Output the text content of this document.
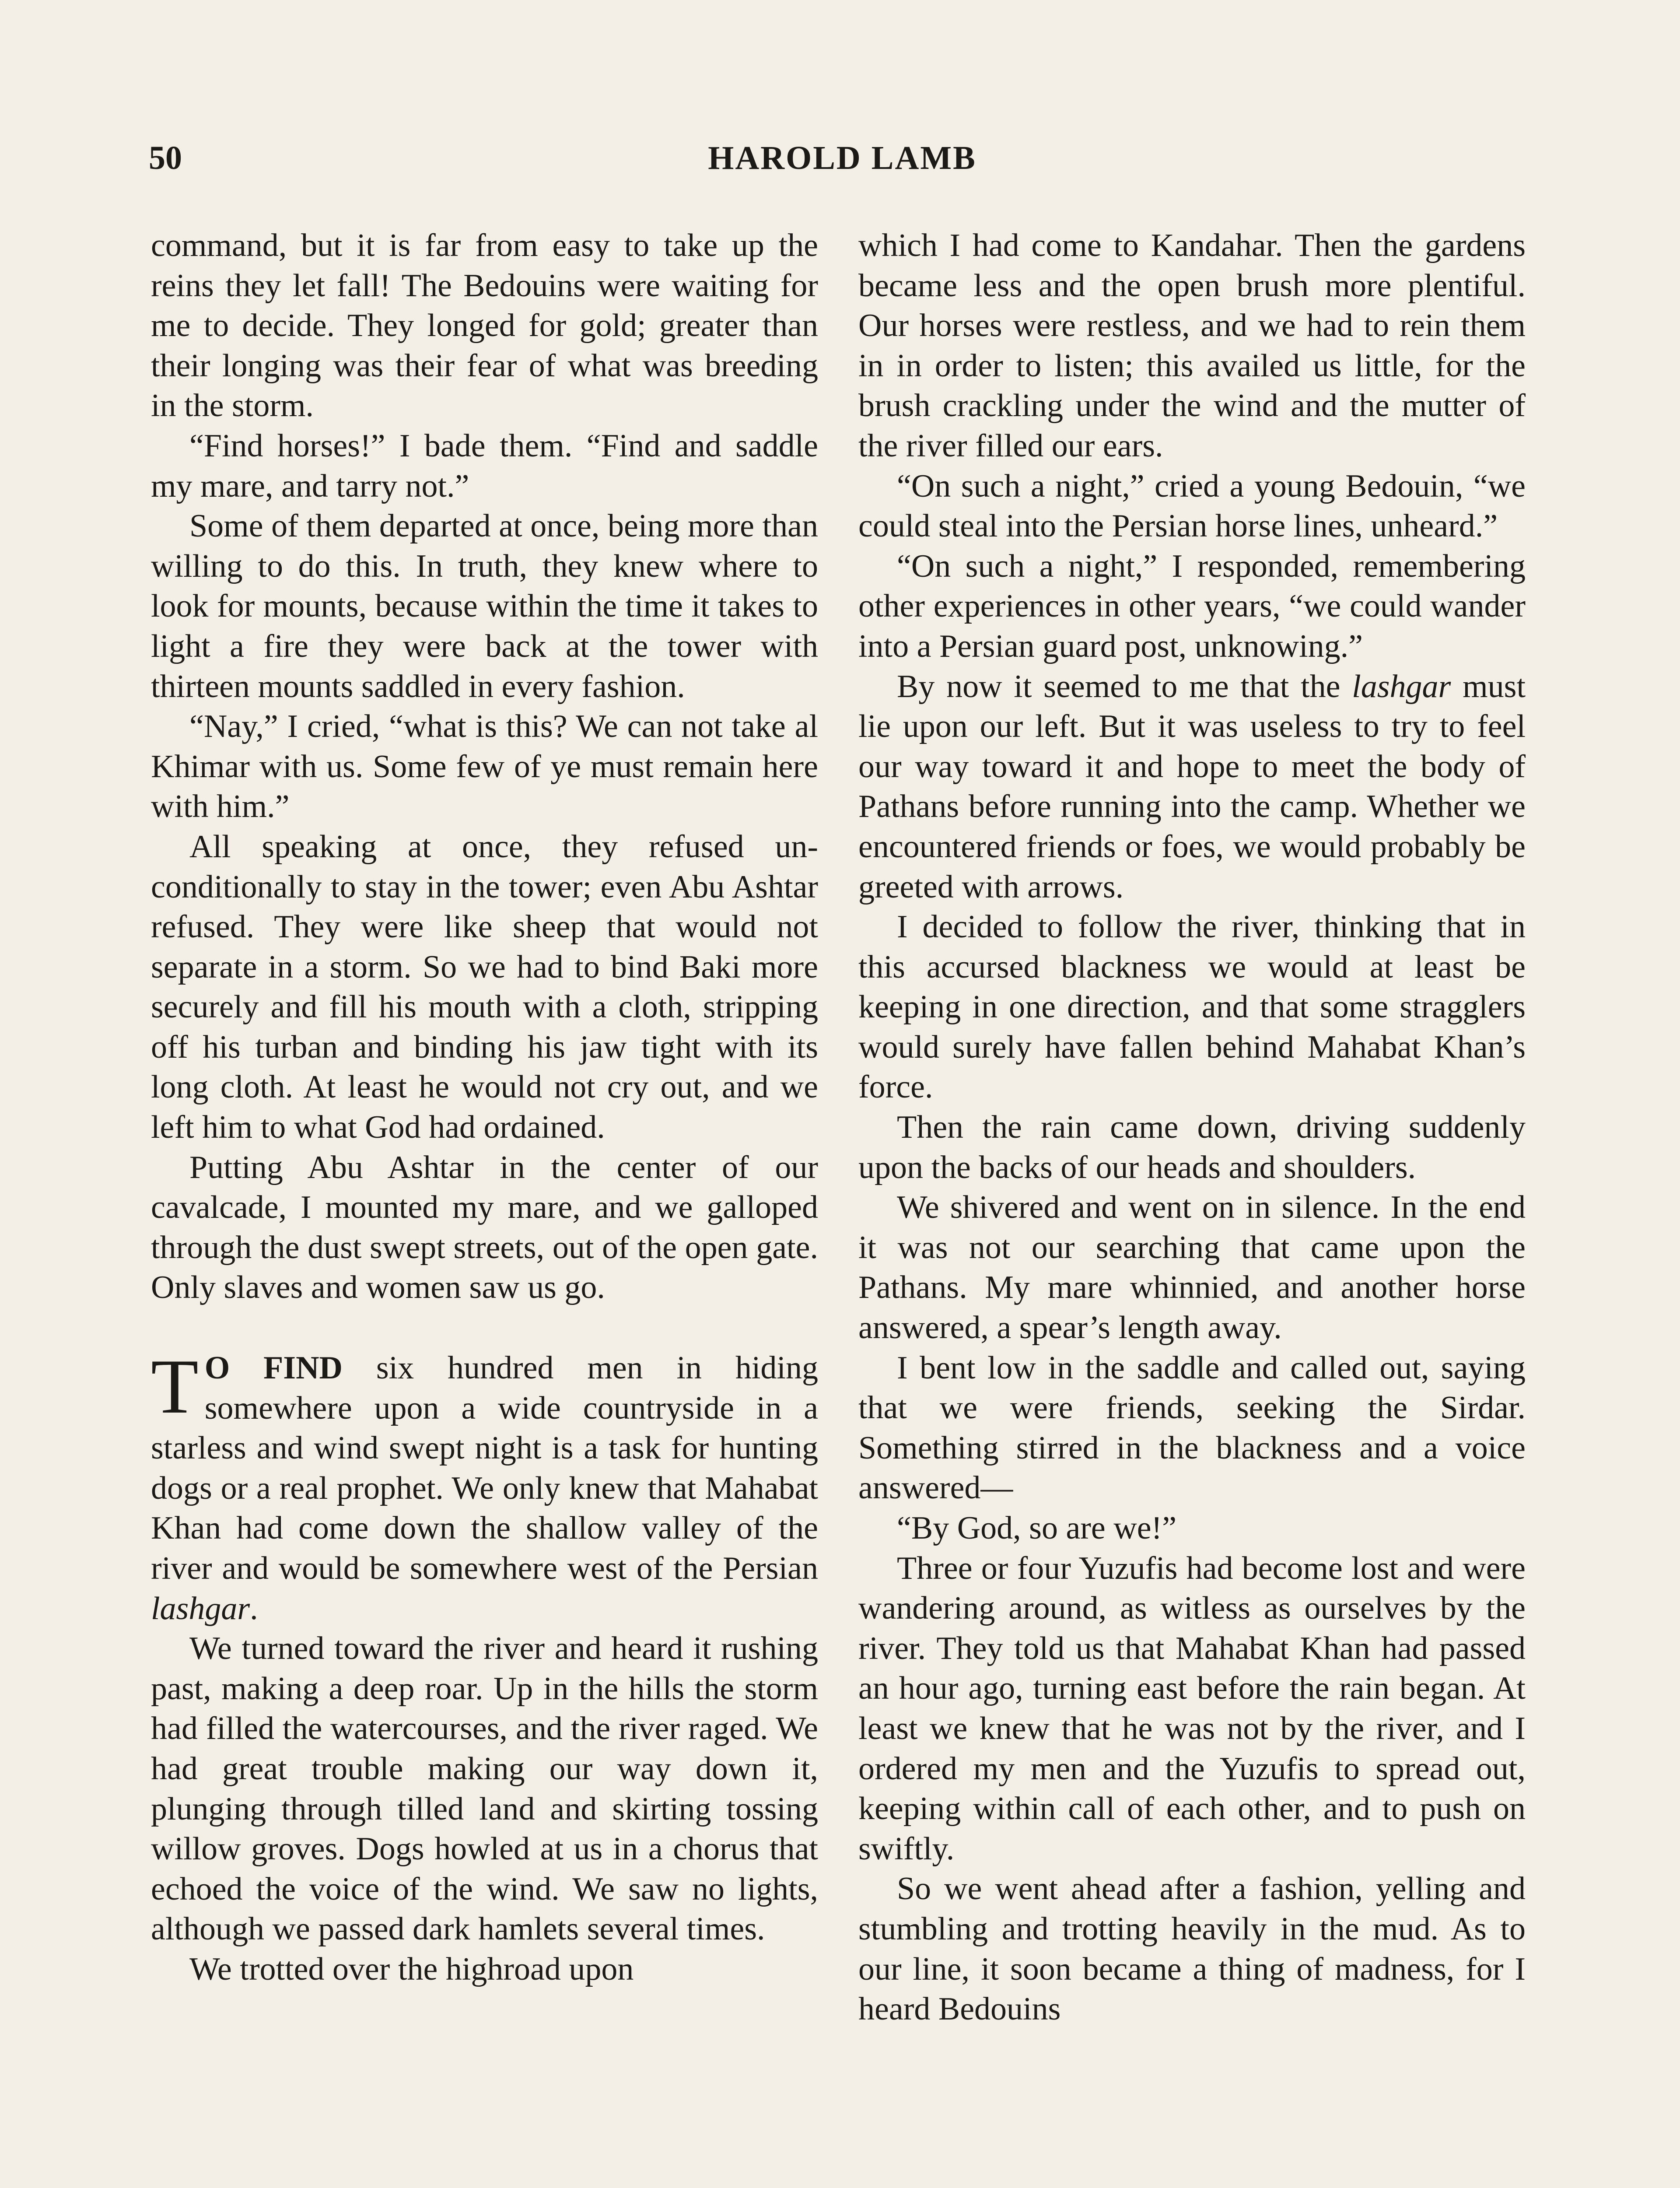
50	HAROLD LAMB

command, but it is far from easy to take up the reins they let fall! The Bedouins were waiting for me to decide. They longed for gold; greater than their longing was their fear of what was breeding in the storm.

“Find horses!” I bade them. “Find and saddle my mare, and tarry not.”

Some of them departed at once, being more than willing to do this. In truth, they knew where to look for mounts, because within the time it takes to light a fire they were back at the tower with thirteen mounts saddled in every fashion.

“Nay,” I cried, “what is this? We can not take al Khimar with us. Some few of ye must remain here with him.”

All speaking at once, they refused unconditionally to stay in the tower; even Abu Ashtar refused. They were like sheep that would not separate in a storm. So we had to bind Baki more securely and fill his mouth with a cloth, stripping off his turban and binding his jaw tight with its long cloth. At least he would not cry out, and we left him to what God had ordained.

Putting Abu Ashtar in the center of our cavalcade, I mounted my mare, and we galloped through the dust swept streets, out of the open gate. Only slaves and women saw us go.

T O FIND six hundred men in hiding somewhere upon a wide countryside in a starless and wind swept night is a task for hunting dogs or a real prophet. We only knew that Mahabat Khan had come down the shallow valley of the river and would be somewhere west of the Persian lashgar.

We turned toward the river and heard it rushing past, making a deep roar. Up in the hills the storm had filled the watercourses, and the river raged. We had great trouble making our way down it, plunging through tilled land and skirting tossing willow groves. Dogs howled at us in a chorus that echoed the voice of the wind. We saw no lights, although we passed dark hamlets several times.

We trotted over the highroad upon

which I had come to Kandahar. Then the gardens became less and the open brush more plentiful. Our horses were restless, and we had to rein them in in order to listen; this availed us little, for the brush crackling under the wind and the mutter of the river filled our ears.

“On such a night,” cried a young Bedouin, “we could steal into the Persian horse lines, unheard.”

“On such a night,” I responded, remembering other experiences in other years, “we could wander into a Persian guard post, unknowing.”

By now it seemed to me that the lashgar must lie upon our left. But it was useless to try to feel our way toward it and hope to meet the body of Pathans before running into the camp. Whether we encountered friends or foes, we would probably be greeted with arrows.

I decided to follow the river, thinking that in this accursed blackness we would at least be keeping in one direction, and that some stragglers would surely have fallen behind Mahabat Khan’s force.

Then the rain came down, driving suddenly upon the backs of our heads and shoulders.

We shivered and went on in silence. In the end it was not our searching that came upon the Pathans. My mare whinnied, and another horse answered, a spear’s length away.

I bent low in the saddle and called out, saying that we were friends, seeking the Sirdar. Something stirred in the blackness and a voice answered—

“By God, so are we!”

Three or four Yuzufis had become lost and were wandering around, as witless as ourselves by the river. They told us that Mahabat Khan had passed an hour ago, turning east before the rain began. At least we knew that he was not by the river, and I ordered my men and the Yuzufis to spread out, keeping within call of each other, and to push on swiftly.

So we went ahead after a fashion, yelling and stumbling and trotting heavily in the mud. As to our line, it soon became a thing of madness, for I heard Bedouins
